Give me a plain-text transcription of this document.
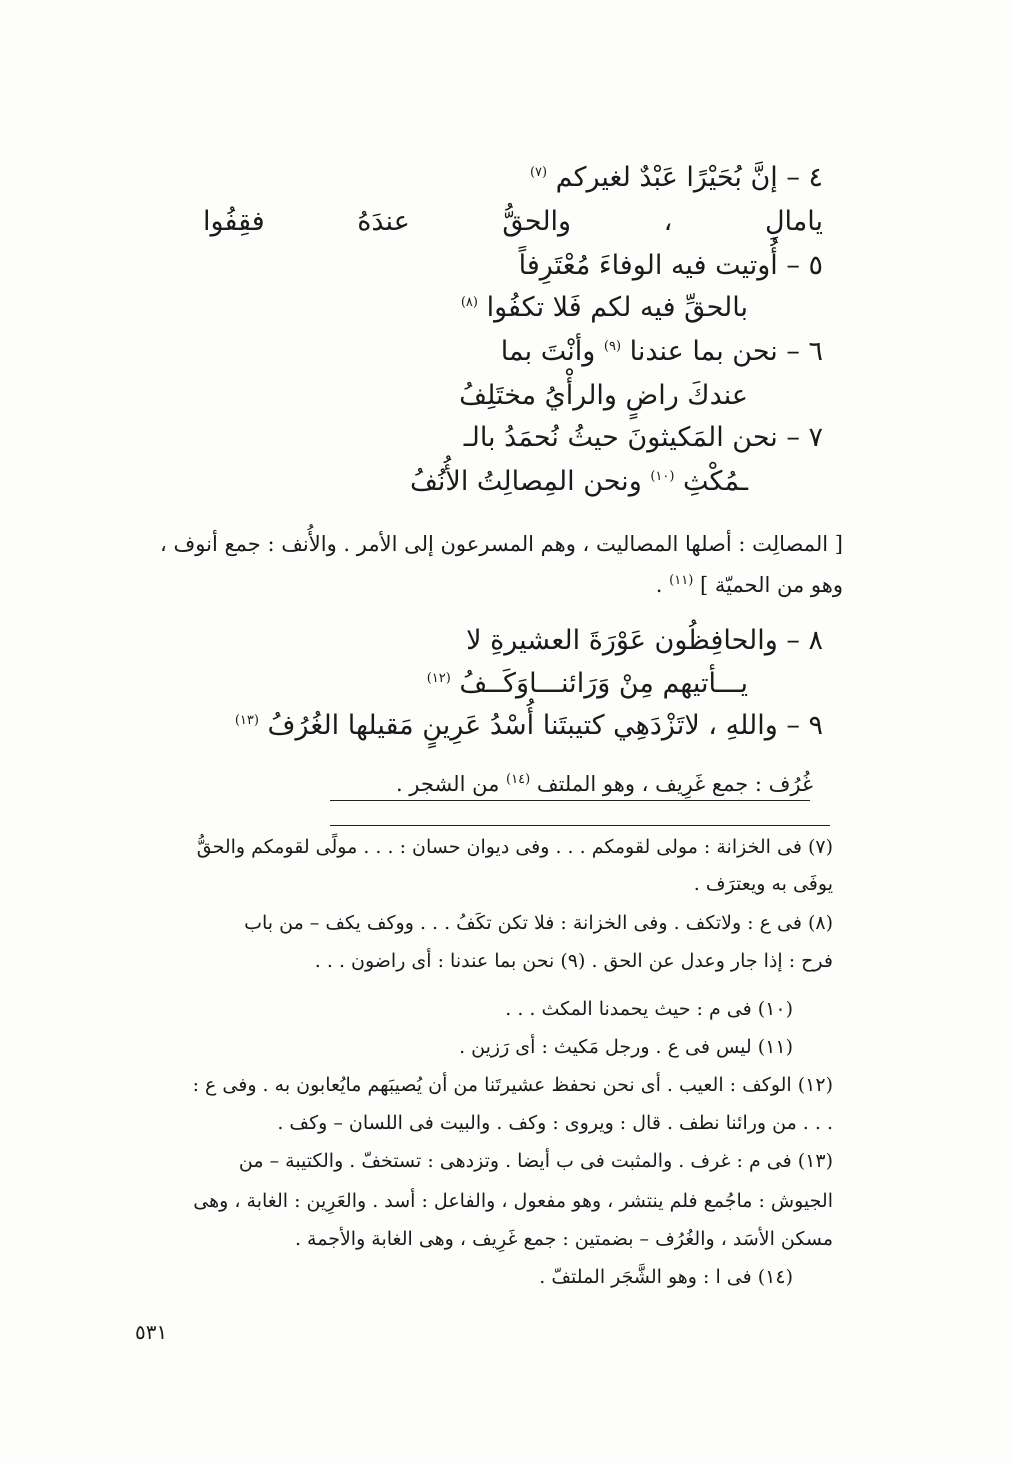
٤ – إنَّ بُحَيْرًا عَبْدٌ لغيركم $^{(٧)}$
يامالِ ، والحقُّ عندَهُ فقِفُوا
٥ – أُوتيت فيه الوفاءَ مُعْتَرِفاً
بالحقِّ فيه لكم فَلا تكفُوا $^{(٨)}$
٦ – نحن بما عندنا $^{(٩)}$ وأنْتَ بما
عندكَ راضٍ والرأْيُ مختَلِفُ
٧ – نحن المَكيثونَ حيثُ نُحمَدُ بالـ
ـمُكْثِ $^{(١٠)}$ ونحن المِصالِتُ الأُنُفُ
[ المصالِت : أصلها المصاليت ، وهم المسرعون إلى الأمر . والأُنف : جمع أنوف ،
وهو من الحميّة ] $^{(١١)}$ .
٨ – والحافِظُون عَوْرَةَ العشيرةِ لا
يـــأتيهم مِنْ وَرَائنـــاوَكَــفُ $^{(١٢)}$
٩ – واللهِ ، لاتَزْدَهِي كتيبتَنا أُسْدُ عَرِينٍ مَقيلها الغُرُفُ $^{(١٣)}$
غُرُف : جمع غَرِيف ، وهو الملتف $^{(١٤)}$ من الشجر .
(٧) فى الخزانة : مولى لقومكم . . . وفى ديوان حسان : . . . مولًى لقومكم والحقُّ
يوفَى به ويعترَف .
(٨) فى ع : ولاتكف . وفى الخزانة : فلا تكن تكَفُ . . . ووكف يكف – من باب
فرح : إذا جار وعدل عن الحق . (٩) نحن بما عندنا : أى راضون . . .
(١٠) فى م : حيث يحمدنا المكث . . .
(١١) ليس فى ع . ورجل مَكيث : أى رَزين .
(١٢) الوكف : العيب . أى نحن نحفظ عشيرتَنا من أن يُصيبَهم مايُعابون به . وفى ع :
. . . من ورائنا نطف . قال : ويروى : وكف . والبيت فى اللسان – وكف .
(١٣) فى م : غرف . والمثبت فى ب أيضا . وتزدهى : تستخفّ . والكتيبة – من
الجيوش : ماجُمع فلم ينتشر ، وهو مفعول ، والفاعل : أسد . والعَرِين : الغابة ، وهى
مسكن الأسَد ، والغُرُف – بضمتين : جمع غَرِيف ، وهى الغابة والأجمة .
(١٤) فى ا : وهو الشَّجَر الملتفّ .
٥٣١
